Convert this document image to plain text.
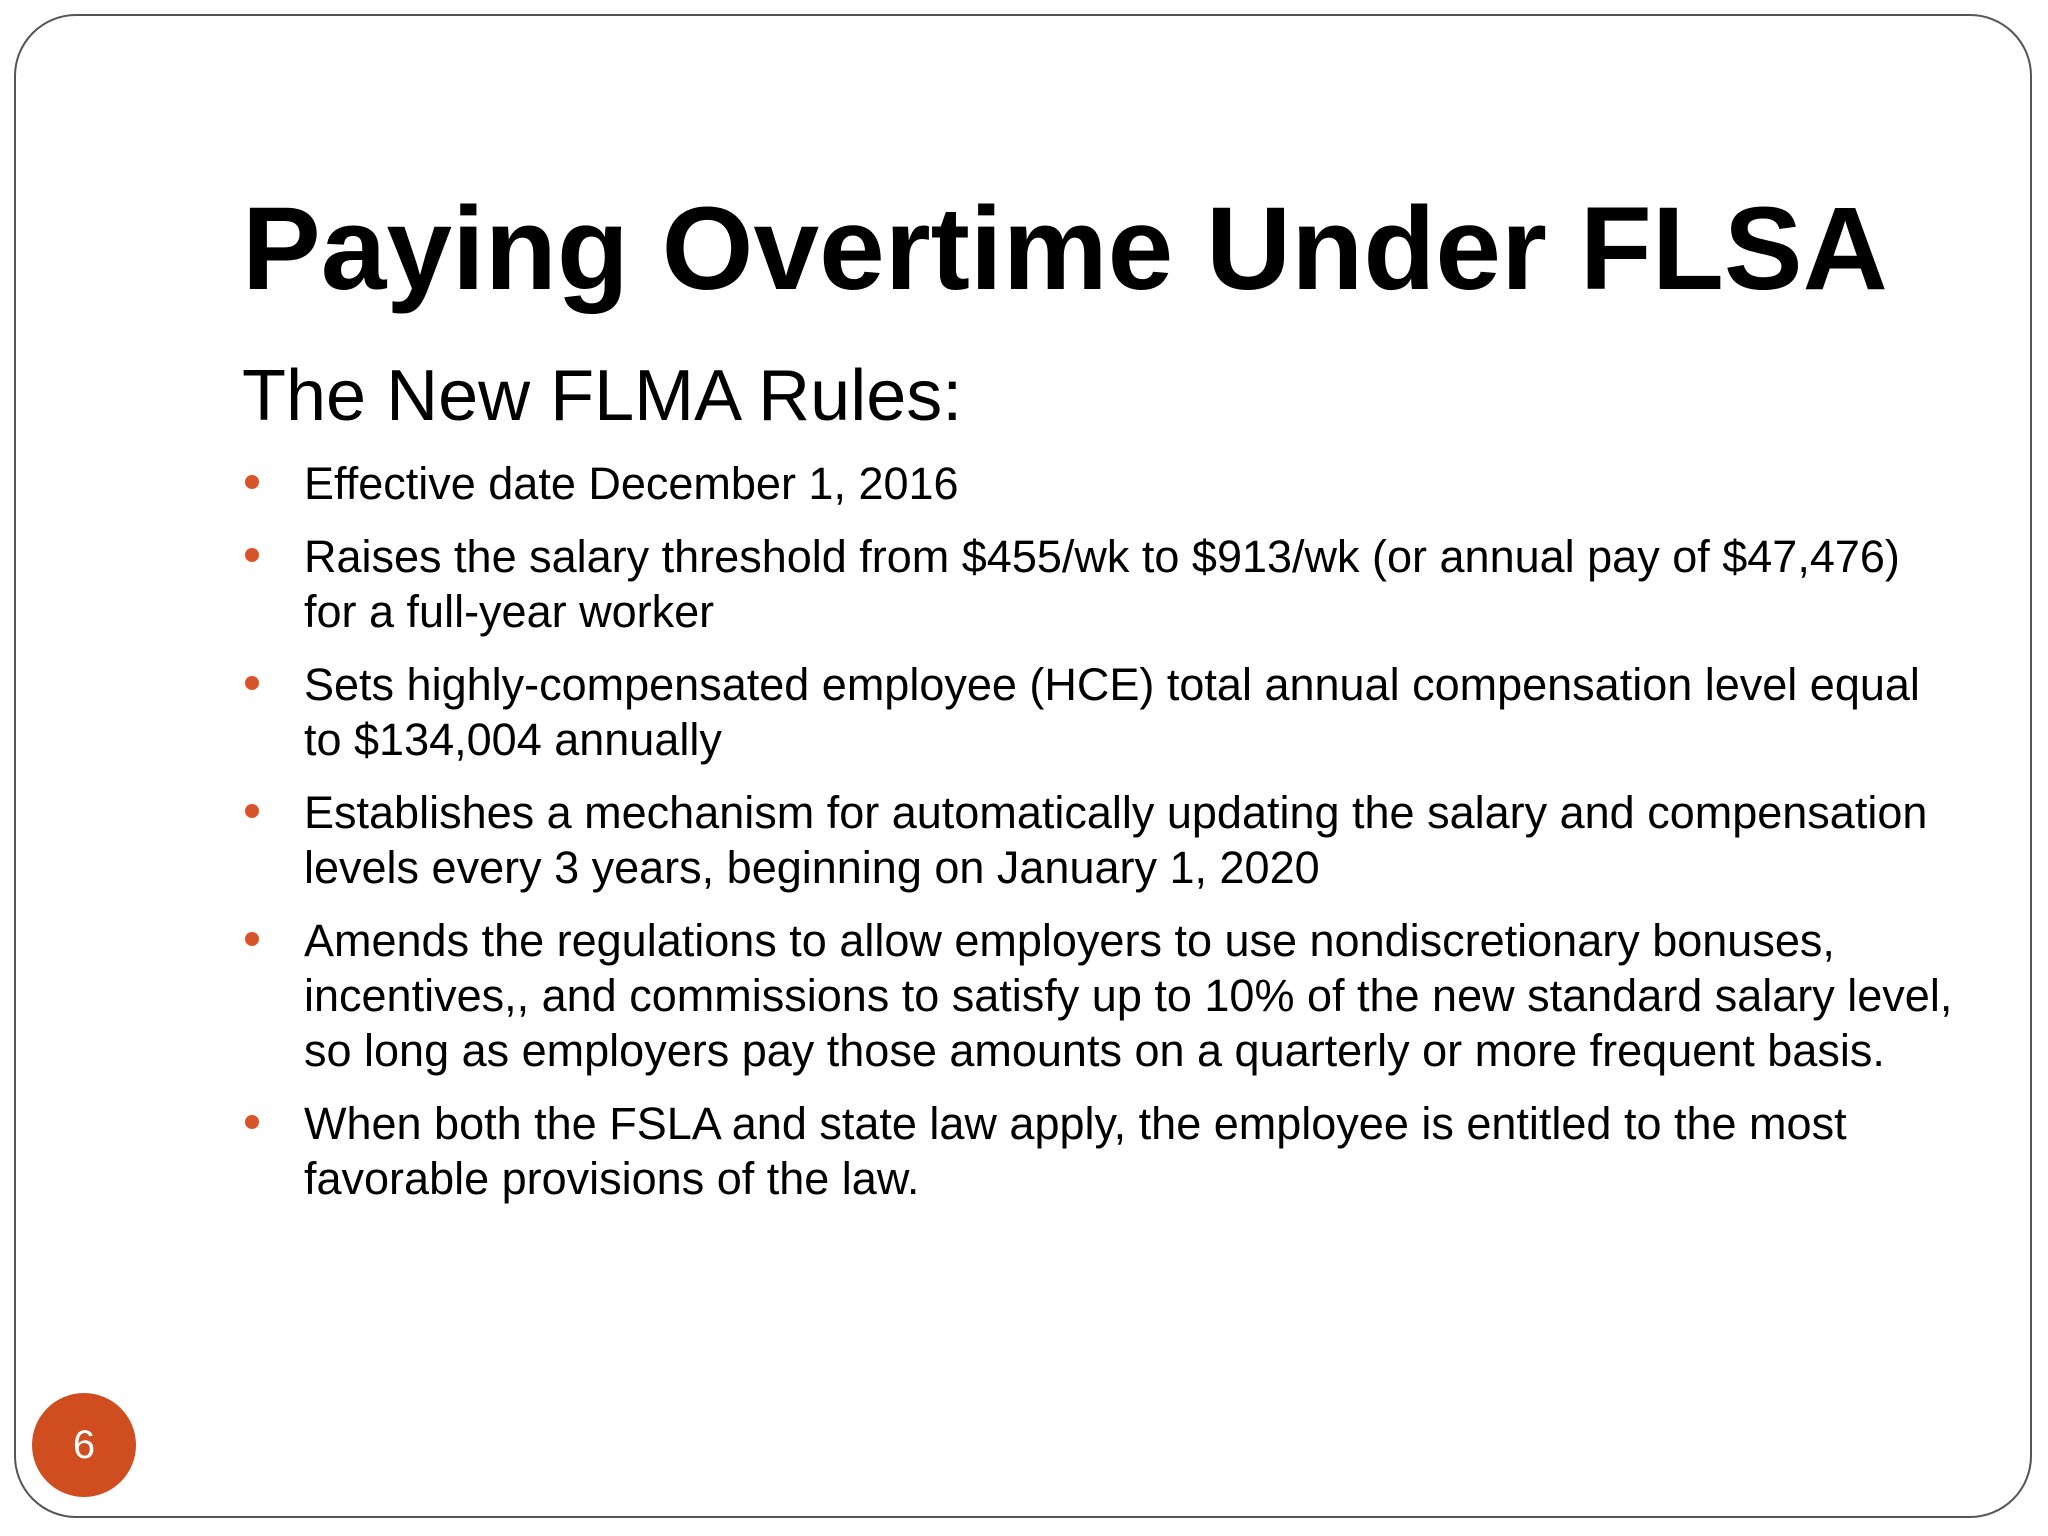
Paying Overtime Under FLSA
The New FLMA Rules:
Effective date December 1, 2016
Raises the salary threshold from $455/wk to $913/wk (or annual pay of $47,476) for a full-year worker
Sets highly-compensated employee (HCE) total annual compensation level equal to $134,004 annually
Establishes a mechanism for automatically updating the salary and compensation levels every 3 years, beginning on January 1, 2020
Amends the regulations to allow employers to use nondiscretionary bonuses, incentives,, and commissions to satisfy up to 10% of the new standard salary level, so long as employers pay those amounts on a quarterly or more frequent basis.
When both the FSLA and state law apply, the employee is entitled to the most favorable provisions of the law.
6
